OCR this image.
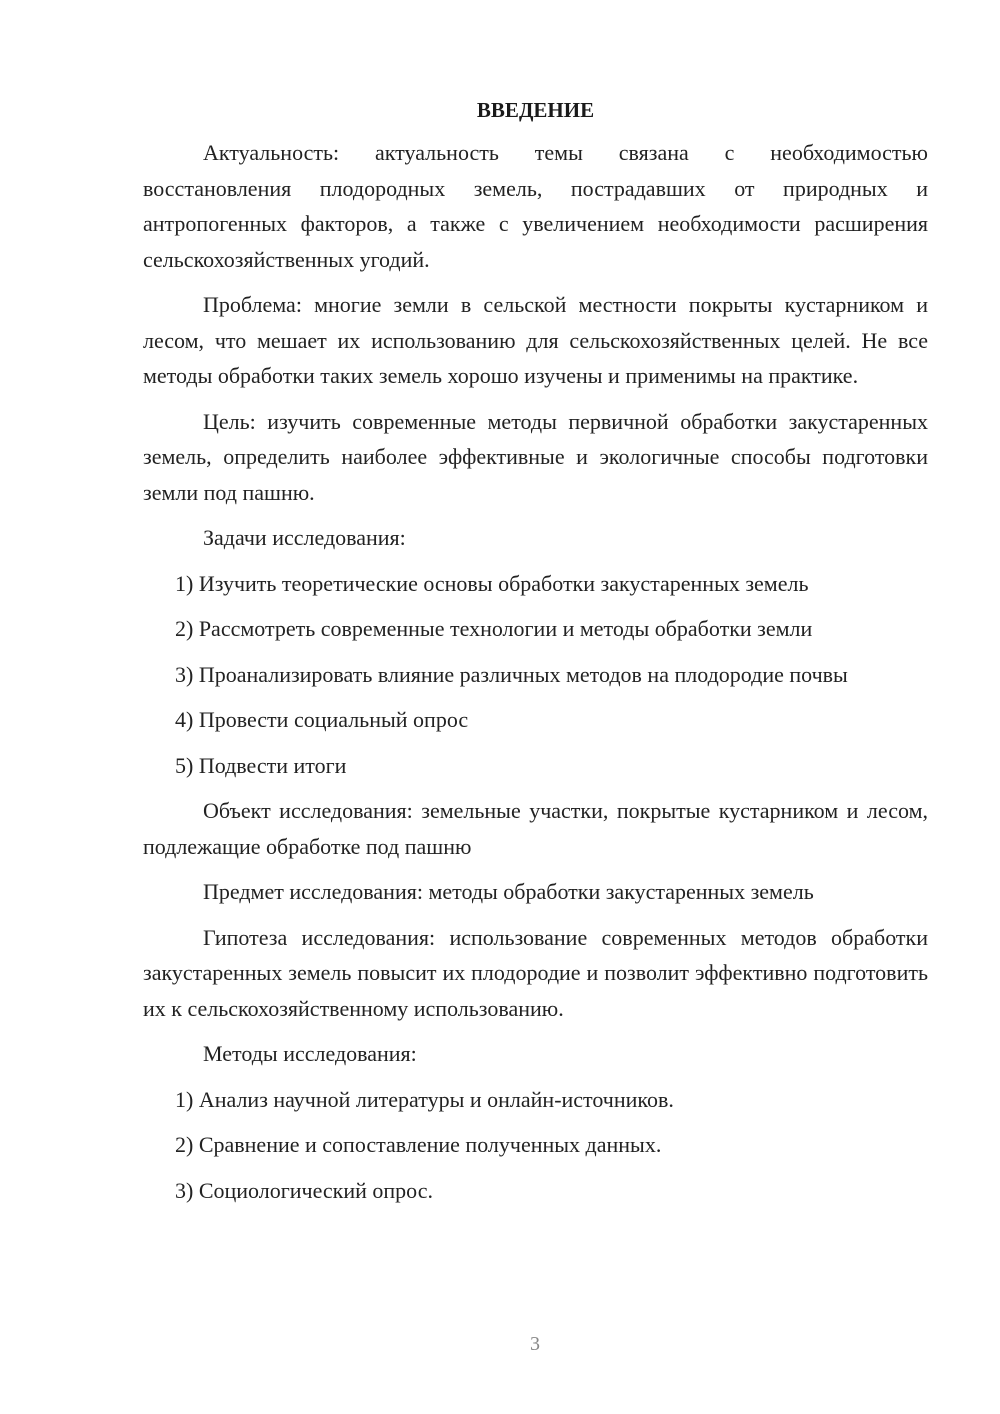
ВВЕДЕНИЕ

Актуальность: актуальность темы связана с необходимостью восстановления плодородных земель, пострадавших от природных и антропогенных факторов, а также с увеличением необходимости расширения сельскохозяйственных угодий.

Проблема: многие земли в сельской местности покрыты кустарником и лесом, что мешает их использованию для сельскохозяйственных целей. Не все методы обработки таких земель хорошо изучены и применимы на практике.

Цель: изучить современные методы первичной обработки закустаренных земель, определить наиболее эффективные и экологичные способы подготовки земли под пашню.

Задачи исследования:

1) Изучить теоретические основы обработки закустаренных земель

2) Рассмотреть современные технологии и методы обработки земли

3) Проанализировать влияние различных методов на плодородие почвы

4) Провести социальный опрос

5) Подвести итоги

Объект исследования: земельные участки, покрытые кустарником и лесом, подлежащие обработке под пашню

Предмет исследования: методы обработки закустаренных земель

Гипотеза исследования: использование современных методов обработки закустаренных земель повысит их плодородие и позволит эффективно подготовить их к сельскохозяйственному использованию.

Методы исследования:

1) Анализ научной литературы и онлайн-источников.

2) Сравнение и сопоставление полученных данных.

3) Социологический опрос.

3
